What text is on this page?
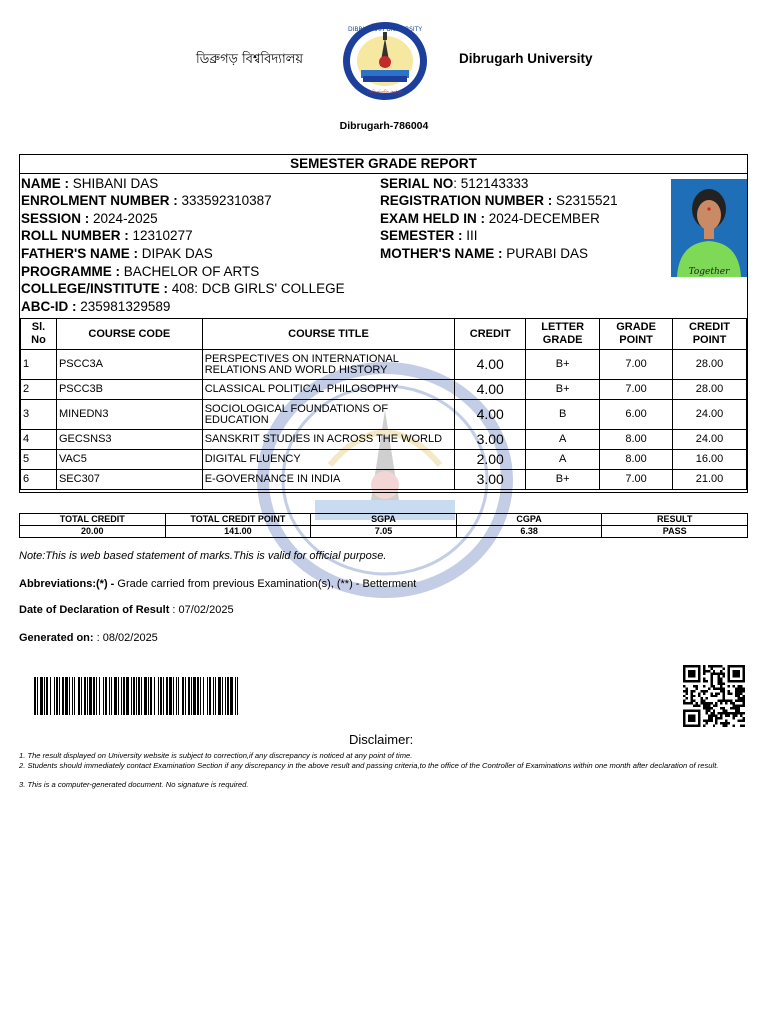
ডিব্রুগড় বিশ্ববিদ্যালয়
DIBRUGARH UNIVERSITY
সিদ্ধিৰ্ভৱতি কৰ্মজা
Dibrugarh University
Dibrugarh-786004
SEMESTER GRADE REPORT
NAME : SHIBANI DAS	SERIAL NO: 512143333
ENROLMENT NUMBER : 333592310387	REGISTRATION NUMBER : S2315521
SESSION : 2024-2025	EXAM HELD IN : 2024-DECEMBER
ROLL NUMBER : 12310277	SEMESTER : III
FATHER'S NAME : DIPAK DAS	MOTHER'S NAME : PURABI DAS
PROGRAMME : BACHELOR OF ARTS
COLLEGE/INSTITUTE : 408: DCB GIRLS' COLLEGE
ABC-ID : 235981329589
Together
Sl. No	COURSE CODE	COURSE TITLE	CREDIT	LETTER GRADE	GRADE POINT	CREDIT POINT
1	PSCC3A	PERSPECTIVES ON INTERNATIONAL RELATIONS AND WORLD HISTORY	4.00	B+	7.00	28.00
2	PSCC3B	CLASSICAL POLITICAL PHILOSOPHY	4.00	B+	7.00	28.00
3	MINEDN3	SOCIOLOGICAL FOUNDATIONS OF EDUCATION	4.00	B	6.00	24.00
4	GECSNS3	SANSKRIT STUDIES IN ACROSS THE WORLD	3.00	A	8.00	24.00
5	VAC5	DIGITAL FLUENCY	2.00	A	8.00	16.00
6	SEC307	E-GOVERNANCE IN INDIA	3.00	B+	7.00	21.00
TOTAL CREDIT	TOTAL CREDIT POINT	SGPA	CGPA	RESULT
20.00	141.00	7.05	6.38	PASS
Note:This is web based statement of marks.This is valid for official purpose.
Abbreviations:(*) - Grade carried from previous Examination(s), (**) - Betterment
Date of Declaration of Result : 07/02/2025
Generated on: : 08/02/2025
Disclaimer:
1. The result displayed on University website is subject to correction,if any discrepancy is noticed at any point of time.
2. Students should immediately contact Examination Section if any discrepancy in the above result and passing criteria,to the office of the Controller of Examinations within one month after declaration of result.
3. This is a computer-generated document. No signature is required.
